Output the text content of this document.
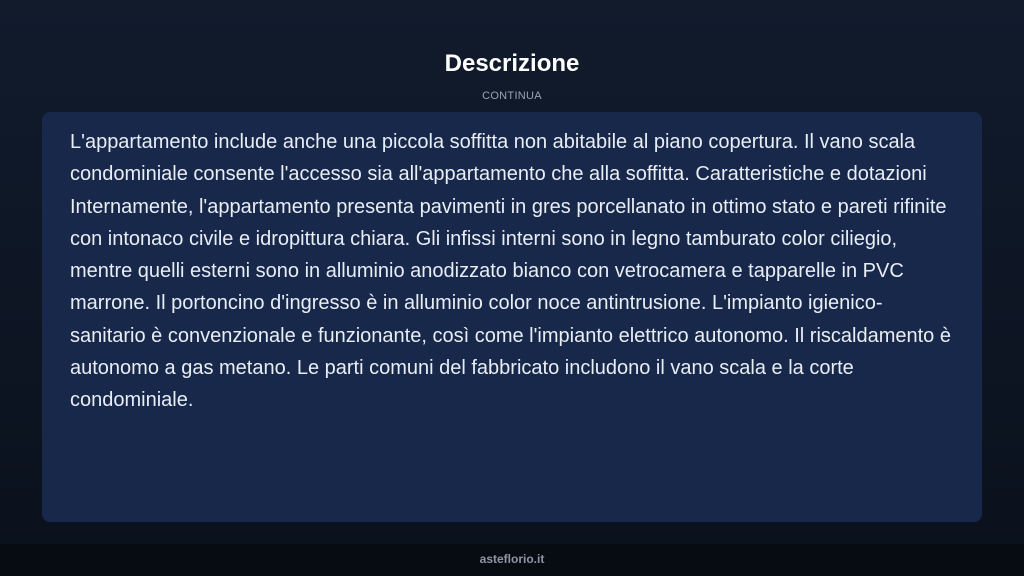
Descrizione
CONTINUA

L'appartamento include anche una piccola soffitta non abitabile al piano copertura. Il vano scala condominiale consente l'accesso sia all'appartamento che alla soffitta. Caratteristiche e dotazioni Internamente, l'appartamento presenta pavimenti in gres porcellanato in ottimo stato e pareti rifinite con intonaco civile e idropittura chiara. Gli infissi interni sono in legno tamburato color ciliegio, mentre quelli esterni sono in alluminio anodizzato bianco con vetrocamera e tapparelle in PVC marrone. Il portoncino d'ingresso è in alluminio color noce antintrusione. L'impianto igienico-sanitario è convenzionale e funzionante, così come l'impianto elettrico autonomo. Il riscaldamento è autonomo a gas metano. Le parti comuni del fabbricato includono il vano scala e la corte condominiale.

asteflorio.it
